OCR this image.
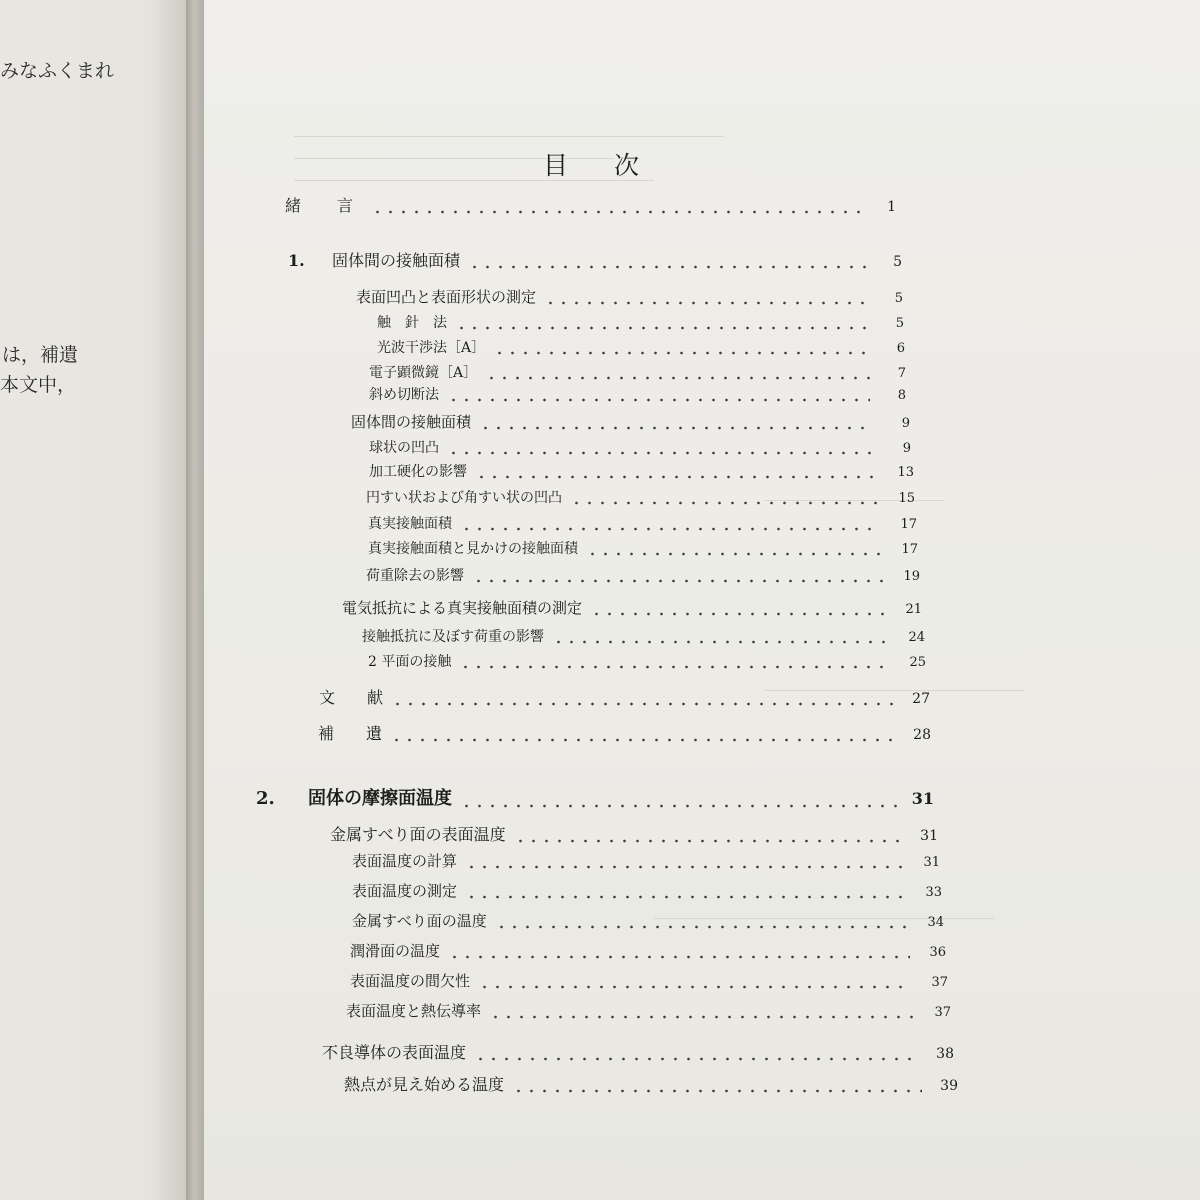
みなふくまれ
は，補遺
本文中，
目次
緒　言	1
1.	固体間の接触面積	5
表面凹凸と表面形状の測定	5
触　針　法	5
光波干渉法［A］	6
電子顕微鏡［A］	7
斜め切断法	8
固体間の接触面積	9
球状の凹凸	9
加工硬化の影響	13
円すい状および角すい状の凹凸	15
真実接触面積	17
真実接触面積と見かけの接触面積	17
荷重除去の影響	19
電気抵抗による真実接触面積の測定	21
接触抵抗に及ぼす荷重の影響	24
2 平面の接触	25
文　　献	27
補　　遺	28
2.	固体の摩擦面温度	31
金属すべり面の表面温度	31
表面温度の計算	31
表面温度の測定	33
金属すべり面の温度	34
潤滑面の温度	36
表面温度の間欠性	37
表面温度と熱伝導率	37
不良導体の表面温度	38
熱点が見え始める温度	39
